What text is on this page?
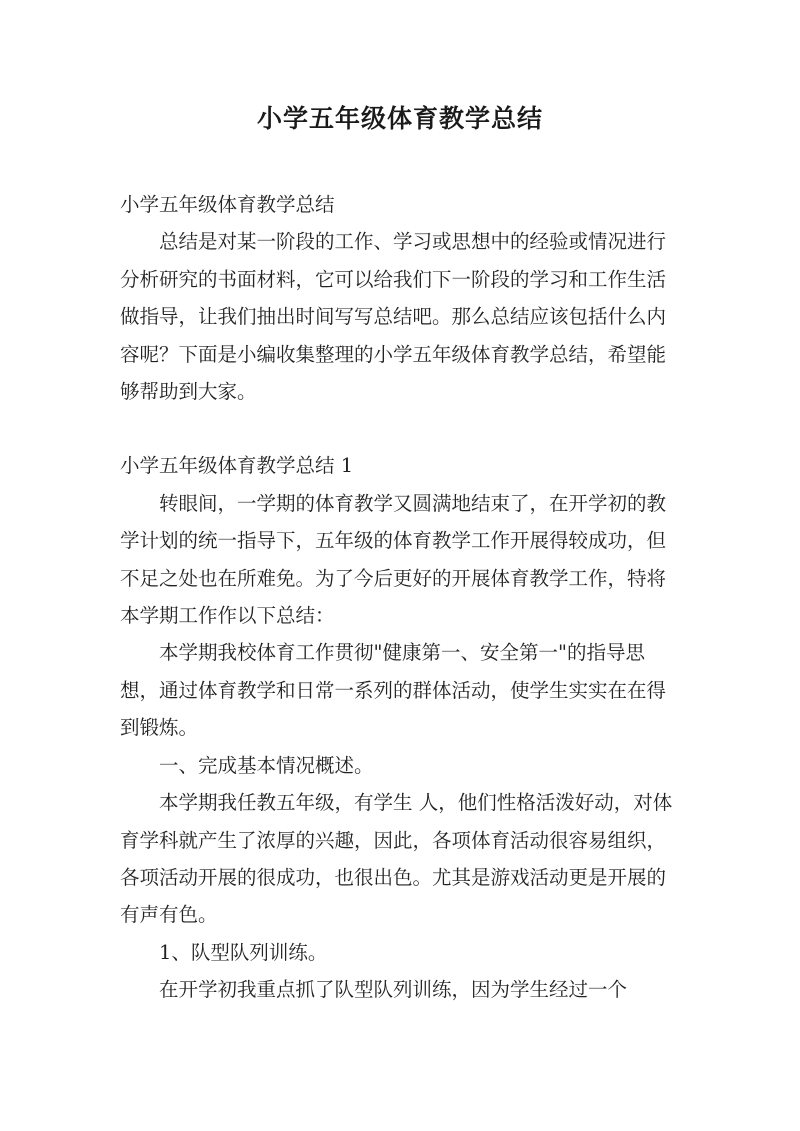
小学五年级体育教学总结

小学五年级体育教学总结

总结是对某一阶段的工作、学习或思想中的经验或情况进行分析研究的书面材料，它可以给我们下一阶段的学习和工作生活做指导，让我们抽出时间写写总结吧。那么总结应该包括什么内容呢？下面是小编收集整理的小学五年级体育教学总结，希望能够帮助到大家。

小学五年级体育教学总结 1

转眼间，一学期的体育教学又圆满地结束了，在开学初的教学计划的统一指导下，五年级的体育教学工作开展得较成功，但不足之处也在所难免。为了今后更好的开展体育教学工作，特将本学期工作作以下总结：

本学期我校体育工作贯彻"健康第一、安全第一"的指导思想，通过体育教学和日常一系列的群体活动，使学生实实在在得到锻炼。

一、完成基本情况概述。

本学期我任教五年级，有学生 人，他们性格活泼好动，对体育学科就产生了浓厚的兴趣，因此，各项体育活动很容易组织，各项活动开展的很成功，也很出色。尤其是游戏活动更是开展的有声有色。

1、队型队列训练。

在开学初我重点抓了队型队列训练，因为学生经过一个
